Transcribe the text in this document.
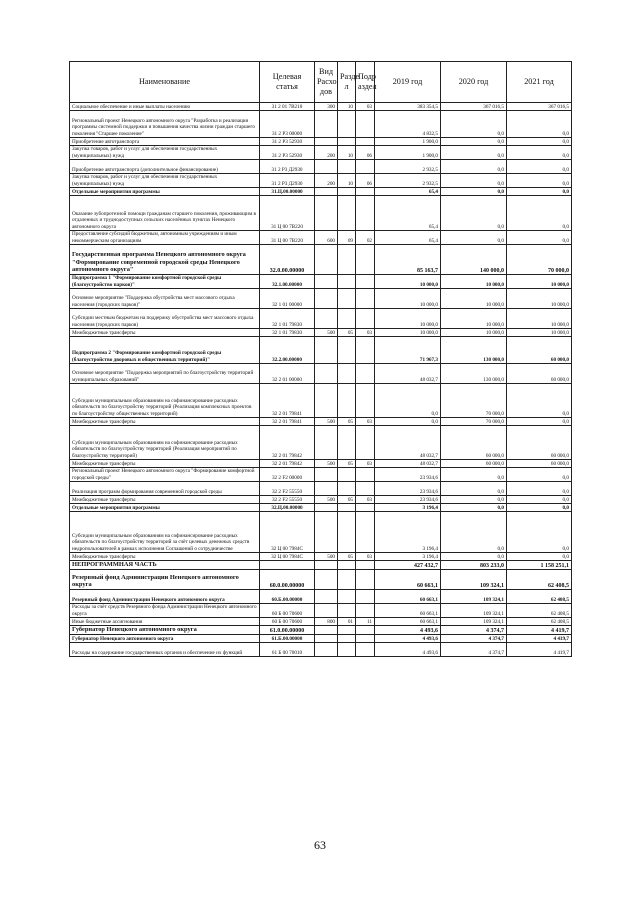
Наименование	Целевая статья	Вид Расхо дов	Разде л	Подр аздел	2019 год	2020 год	2021 год
Социальное обеспечение и иные выплаты населению	31 2 01 7В210	300	10	03	383 354,5	367 016,5	367 016,5
Региональный проект Ненецкого автономного округа "Разработка и реализация программы системной поддержки и повышения качества жизни граждан старшего поколения "Старшее поколение"	31 2 Р3 00000				4 832,5	0,0	0,0
Приобретение автотранспорта	31 2 Р3 52930				1 900,0	0,0	0,0
Закупка товаров, работ и услуг для обеспечения государственных (муниципальных) нужд	31 2 Р3 52930	200	10	06	1 900,0	0,0	0,0
Приобретение автотранспорта (дополнительное финансирование)	31 2 Р3 Д2930				2 932,5	0,0	0,0
Закупка товаров, работ и услуг для обеспечения государственных (муниципальных) нужд	31 2 Р3 Д2930	200	10	06	2 932,5	0,0	0,0
Отдельные мероприятия программы	31.Ц.00.00000				65,4	0,0	0,0
Оказание зубопротезной помощи гражданам старшего поколения, проживающим в отдаленных и труднодоступных сельских населённых пунктах Ненецкого автономного округа	31 Ц 00 7В220				65,4	0,0	0,0
Предоставление субсидий бюджетным, автономным учреждениям и иным некоммерческим организациям	31 Ц 00 7В220	600	09	02	65,4	0,0	0,0
Государственная программа Ненецкого автономного округа "Формирование современной городской среды Ненецкого автономного округа"	32.0.00.00000				85 163,7	140 000,0	70 000,0
Подпрограмма 1 "Формирование комфортной городской среды (благоустройство парков)"	32.1.00.00000				10 000,0	10 000,0	10 000,0
Основное мероприятие "Поддержка обустройства мест массового отдыха населения (городских парков)"	32 1 01 00000				10 000,0	10 000,0	10 000,0
Субсидии местным бюджетам на поддержку обустройства мест массового отдыха населения (городских парков)	32 1 01 79830				10 000,0	10 000,0	10 000,0
Межбюджетные трансферты	32 1 01 79830	500	05	03	10 000,0	10 000,0	10 000,0
Подпрограмма 2 "Формирование комфортной городской среды (благоустройство дворовых и общественных территорий)"	32.2.00.00000				71 967,3	130 000,0	60 000,0
Основное мероприятие "Поддержка мероприятий по благоустройству территорий муниципальных образований"	32 2 01 00000				48 032,7	130 000,0	60 000,0
Субсидии муниципальным образованиям на софинансирование расходных обязательств по благоустройству территорий (Реализация комплексных проектов по благоустройству общественных территорий)	32 2 01 79841				0,0	70 000,0	0,0
Межбюджетные трансферты	32 2 01 79841	500	05	03	0,0	70 000,0	0,0
Субсидии муниципальным образованиям на софинансирование расходных обязательств по благоустройству территорий (Реализация мероприятий по благоустройству территорий)	32 2 01 79842				48 032,7	60 000,0	60 000,0
Межбюджетные трансферты	32 2 01 79842	500	05	03	48 032,7	60 000,0	60 000,0
Региональный проект Ненецкого автономного округа "Формирование комфортной городской среды"	32 2 F2 00000				23 934,6	0,0	0,0
Реализация программ формирования современной городской среды	32 2 F2 55550				23 934,6	0,0	0,0
Межбюджетные трансферты	32 2 F2 55550	500	05	03	23 934,6	0,0	0,0
Отдельные мероприятия программы	32.Ц.00.00000				3 196,4	0,0	0,0
Субсидии муниципальным образованиям на софинансирование расходных обязательств по благоустройству территорий за счёт целевых денежных средств недропользователей в рамках исполнения Соглашений о сотрудничестве	32 Ц 00 7984С				3 196,4	0,0	0,0
Межбюджетные трансферты	32 Ц 00 7984С	500	05	03	3 196,4	0,0	0,0
НЕПРОГРАММНАЯ ЧАСТЬ					427 432,7	803 233,0	1 158 251,1
Резервный фонд Администрации Ненецкого автономного округа	60.0.00.00000				60 663,1	109 324,1	62 408,5
Резервный фонд Администрации Ненецкого автономного округа	60.Б.00.00000				60 663,1	109 324,1	62 408,5
Расходы за счёт средств Резервного фонда Администрации Ненецкого автономного округа	60 Б 00 70600				60 663,1	109 324,1	62 408,5
Иные бюджетные ассигнования	60 Б 00 70600	800	01	11	60 663,1	109 324,1	62 408,5
Губернатор Ненецкого автономного округа	61.0.00.00000				4 493,6	4 374,7	4 419,7
Губернатор Ненецкого автономного округа	61.Б.00.00000				4 493,6	4 374,7	4 419,7
Расходы на содержание государственных органов и обеспечение их функций	61 Б 00 70010				4 493,6	4 374,7	4 419,7
63
